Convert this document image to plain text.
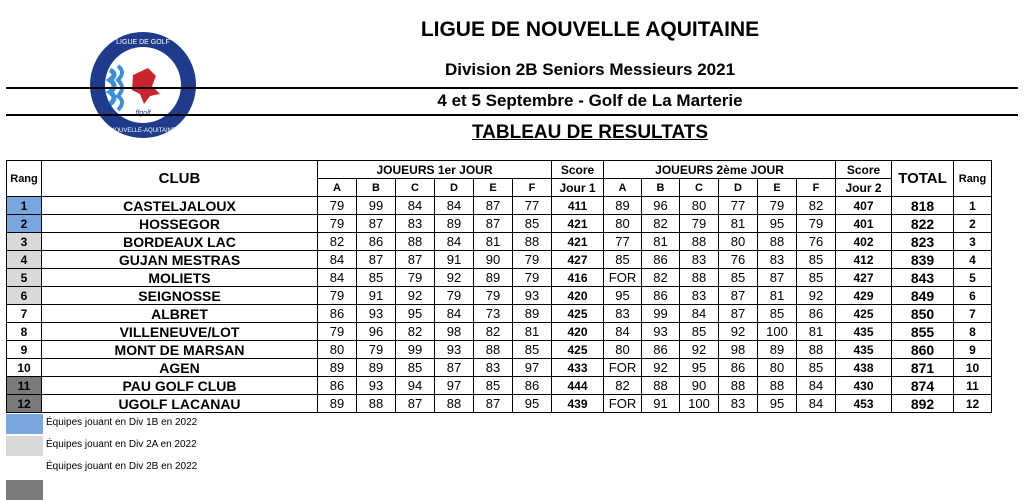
ffgolf
LIGUE DE GOLF
NOUVELLE-AQUITAINE
LIGUE DE NOUVELLE AQUITAINE
Division 2B Seniors Messieurs 2021
4 et 5 Septembre - Golf de La Marterie
TABLEAU DE RESULTATS
Rang	CLUB	JOUEURS 1er JOUR						Score	JOUEURS 2ème JOUR						Score	TOTAL	Rang
		A	B	C	D	E	F	Jour 1	A	B	C	D	E	F	Jour 2		
1	CASTELJALOUX	79	99	84	84	87	77	411	89	96	80	77	79	82	407	818	1
2	HOSSEGOR	79	87	83	89	87	85	421	80	82	79	81	95	79	401	822	2
3	BORDEAUX LAC	82	86	88	84	81	88	421	77	81	88	80	88	76	402	823	3
4	GUJAN MESTRAS	84	87	87	91	90	79	427	85	86	83	76	83	85	412	839	4
5	MOLIETS	84	85	79	92	89	79	416	FOR	82	88	85	87	85	427	843	5
6	SEIGNOSSE	79	91	92	79	79	93	420	95	86	83	87	81	92	429	849	6
7	ALBRET	86	93	95	84	73	89	425	83	99	84	87	85	86	425	850	7
8	VILLENEUVE/LOT	79	96	82	98	82	81	420	84	93	85	92	100	81	435	855	8
9	MONT DE MARSAN	80	79	99	93	88	85	425	80	86	92	98	89	88	435	860	9
10	AGEN	89	89	85	87	83	97	433	FOR	92	95	86	80	85	438	871	10
11	PAU GOLF CLUB	86	93	94	97	85	86	444	82	88	90	88	88	84	430	874	11
12	UGOLF LACANAU	89	88	87	88	87	95	439	FOR	91	100	83	95	84	453	892	12
Équipes jouant en Div 1B en 2022
Équipes jouant en Div 2A en 2022
Équipes jouant en Div 2B en 2022
